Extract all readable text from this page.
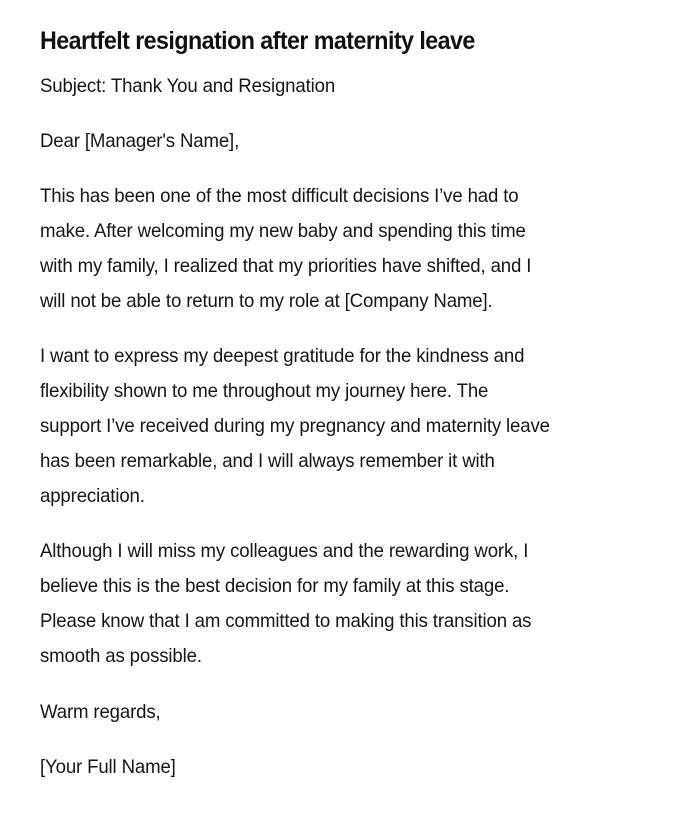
Heartfelt resignation after maternity leave

Subject: Thank You and Resignation

Dear [Manager's Name],

This has been one of the most difficult decisions I’ve had to
make. After welcoming my new baby and spending this time
with my family, I realized that my priorities have shifted, and I
will not be able to return to my role at [Company Name].

I want to express my deepest gratitude for the kindness and
flexibility shown to me throughout my journey here. The
support I’ve received during my pregnancy and maternity leave
has been remarkable, and I will always remember it with
appreciation.

Although I will miss my colleagues and the rewarding work, I
believe this is the best decision for my family at this stage.
Please know that I am committed to making this transition as
smooth as possible.

Warm regards,

[Your Full Name]
